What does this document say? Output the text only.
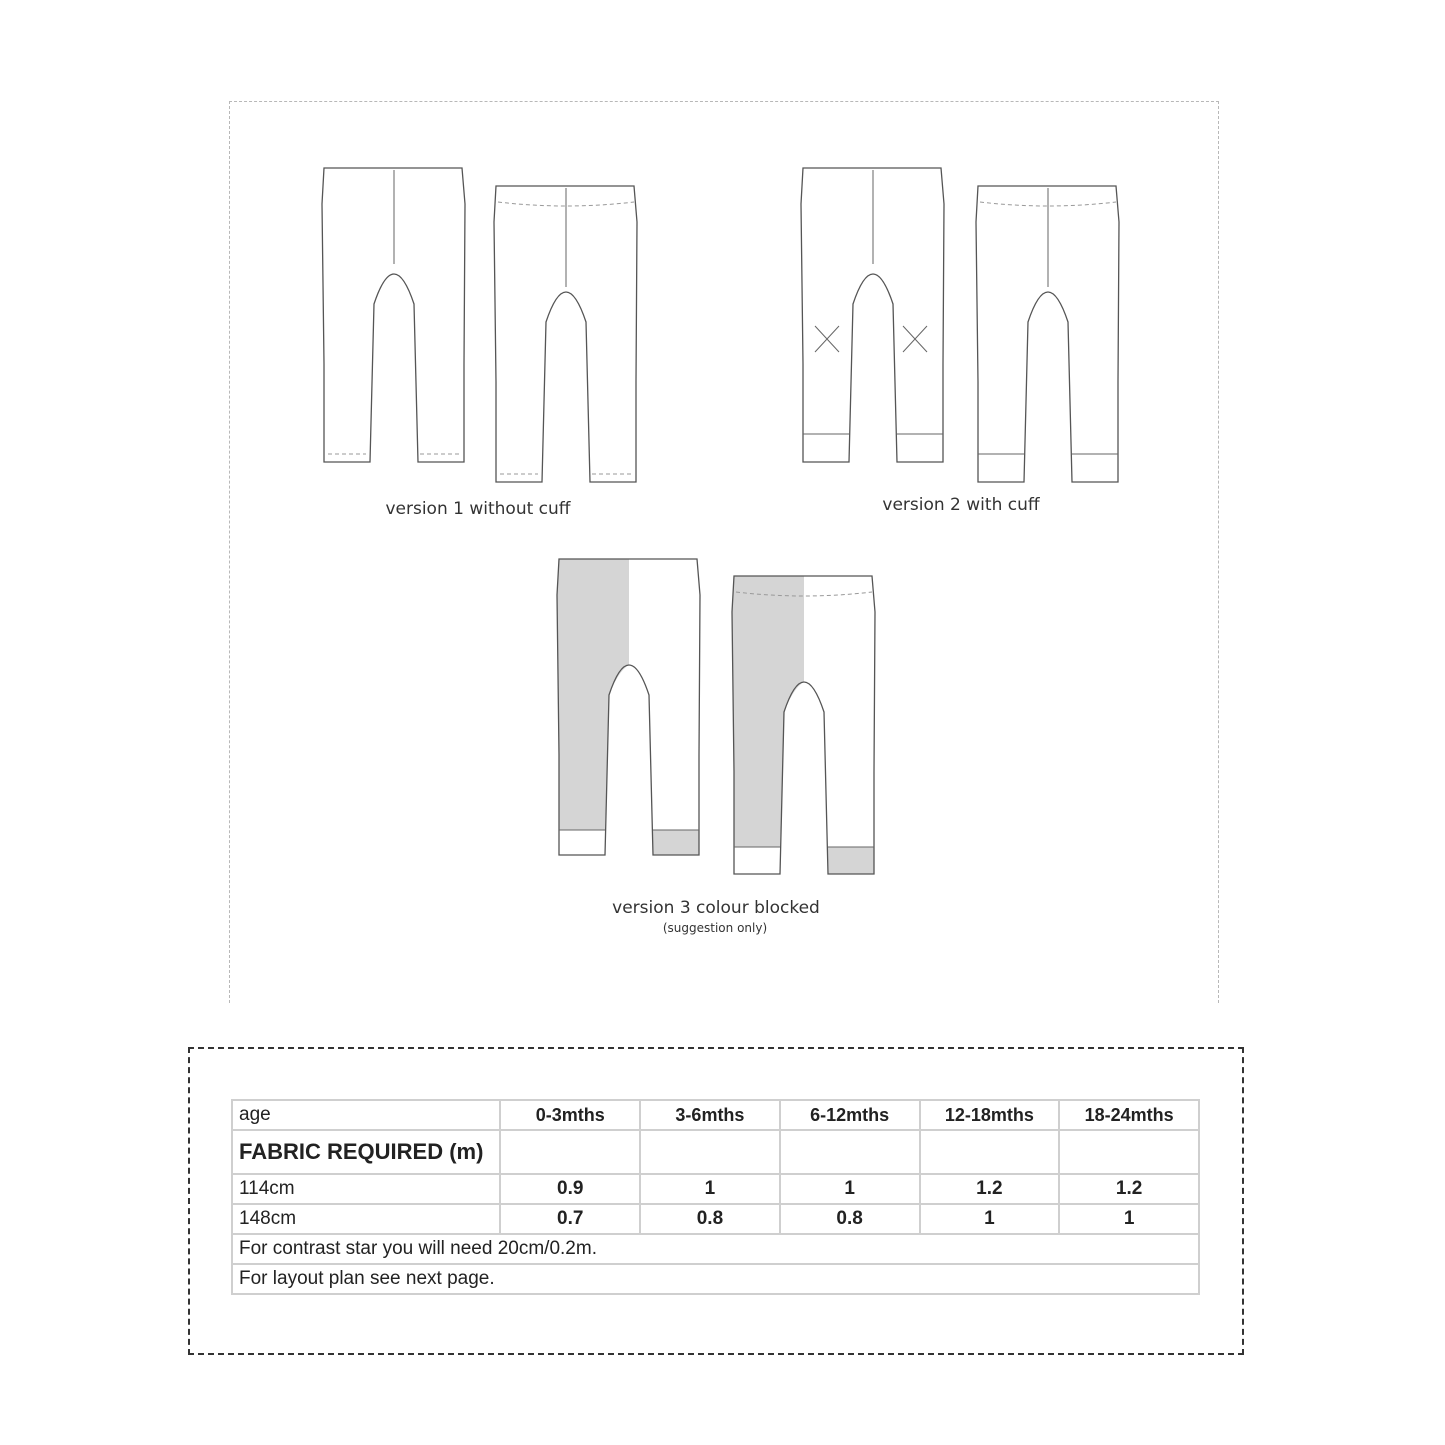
version 1 without cuff	version 2 with cuff
version 3 colour blocked
(suggestion only)
age	0-3mths	3-6mths	6-12mths	12-18mths	18-24mths
FABRIC REQUIRED (m)					
114cm	0.9	1	1	1.2	1.2
148cm	0.7	0.8	0.8	1	1
For contrast star you will need 20cm/0.2m.					
For layout plan see next page.					
